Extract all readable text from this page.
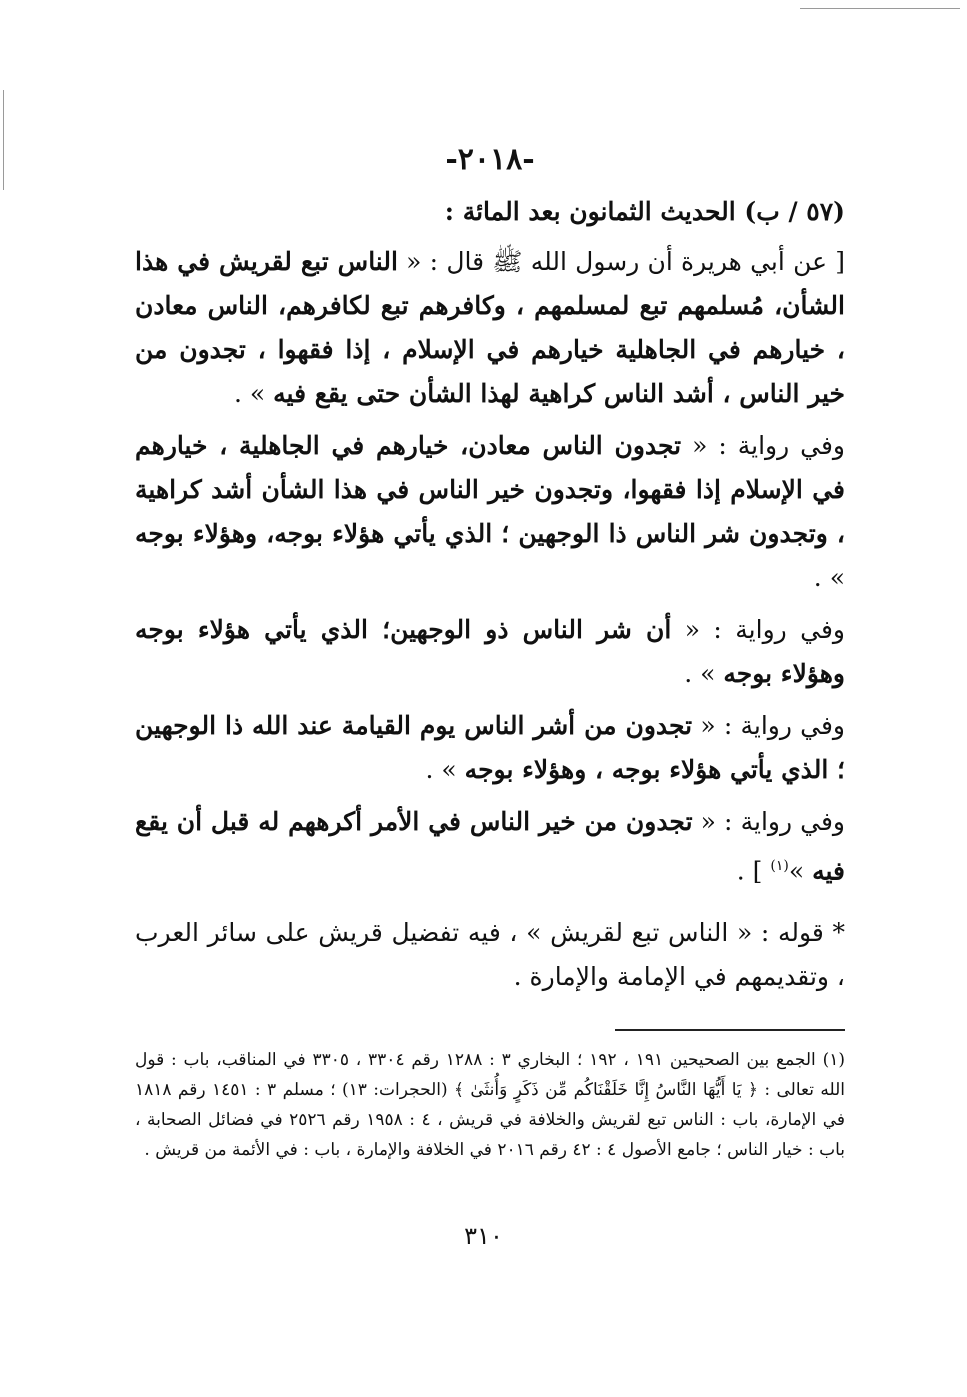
-٢٠١٨-
(٥٧ / ب) الحديث الثمانون بعد المائة :

[ عن أبي هريرة أن رسول الله ﷺ قال : « الناس تبع لقريش في هذا الشأن، مُسلمهم تبع لمسلمهم ، وكافرهم تبع لكافرهم، الناس معادن ، خيارهم في الجاهلية خيارهم في الإسلام ، إذا فقهوا ، تجدون من خير الناس ، أشد الناس كراهية لهذا الشأن حتى يقع فيه » .

وفي رواية : « تجدون الناس معادن، خيارهم في الجاهلية ، خيارهم في الإسلام إذا فقهوا، وتجدون خير الناس في هذا الشأن أشد كراهية ، وتجدون شر الناس ذا الوجهين ؛ الذي يأتي هؤلاء بوجه، وهؤلاء بوجه » .

وفي رواية : « أن شر الناس ذو الوجهين؛ الذي يأتي هؤلاء بوجه وهؤلاء بوجه » .

وفي رواية : « تجدون من أشر الناس يوم القيامة عند الله ذا الوجهين ؛ الذي يأتي هؤلاء بوجه ، وهؤلاء بوجه » .

وفي رواية : « تجدون من خير الناس في الأمر أكرههم له قبل أن يقع فيه »$^{(١)}$ ] .

* قوله : « الناس تبع لقريش » ، فيه تفضيل قريش على سائر العرب ، وتقديمهم في الإمامة والإمارة .

(١) الجمع بين الصحيحين ١٩١ ، ١٩٢ ؛ البخاري ٣ : ١٢٨٨ رقم ٣٣٠٤ ، ٣٣٠٥ في المناقب، باب : قول الله تعالى : ﴿ يَا أَيُّهَا النَّاسُ إِنَّا خَلَقْنَاكُم مِّن ذَكَرٍ وَأُنثَىٰ ﴾ (الحجرات: ١٣) ؛ مسلم ٣ : ١٤٥١ رقم ١٨١٨ في الإمارة، باب : الناس تبع لقريش والخلافة في قريش ، ٤ : ١٩٥٨ رقم ٢٥٢٦ في فضائل الصحابة ، باب : خيار الناس ؛ جامع الأصول ٤ : ٤٢ رقم ٢٠١٦ في الخلافة والإمارة ، باب : في الأئمة من قريش .

٣١٠
